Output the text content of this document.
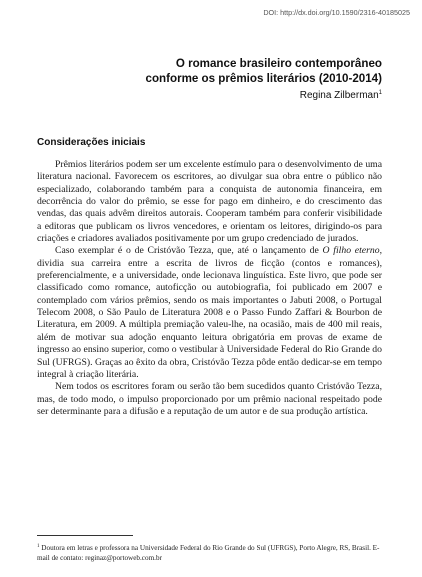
DOI: http://dx.doi.org/10.1590/2316-40185025
O romance brasileiro contemporâneo
conforme os prêmios literários (2010-2014)
Regina Zilberman$^1$
Considerações iniciais

Prêmios literários podem ser um excelente estímulo para o desenvolvimento de uma literatura nacional. Favorecem os escritores, ao divulgar sua obra entre o público não especializado, colaborando também para a conquista de autonomia financeira, em decorrência do valor do prêmio, se esse for pago em dinheiro, e do crescimento das vendas, das quais advêm direitos autorais. Cooperam também para conferir visibilidade a editoras que publicam os livros vencedores, e orientam os leitores, dirigindo-os para criações e criadores avaliados positivamente por um grupo credenciado de jurados.

Caso exemplar é o de Cristóvão Tezza, que, até o lançamento de O filho eterno, dividia sua carreira entre a escrita de livros de ficção (contos e romances), preferencialmente, e a universidade, onde lecionava linguística. Este livro, que pode ser classificado como romance, autoficção ou autobiografia, foi publicado em 2007 e contemplado com vários prêmios, sendo os mais importantes o Jabuti 2008, o Portugal Telecom 2008, o São Paulo de Literatura 2008 e o Passo Fundo Zaffari & Bourbon de Literatura, em 2009. A múltipla premiação valeu-lhe, na ocasião, mais de 400 mil reais, além de motivar sua adoção enquanto leitura obrigatória em provas de exame de ingresso ao ensino superior, como o vestibular à Universidade Federal do Rio Grande do Sul (UFRGS). Graças ao êxito da obra, Cristóvão Tezza pôde então dedicar-se em tempo integral à criação literária.

Nem todos os escritores foram ou serão tão bem sucedidos quanto Cristóvão Tezza, mas, de todo modo, o impulso proporcionado por um prêmio nacional respeitado pode ser determinante para a difusão e a reputação de um autor e de sua produção artística.

$^1$ Doutora em letras e professora na Universidade Federal do Rio Grande do Sul (UFRGS), Porto Alegre, RS, Brasil. E-mail de contato: reginaz@portoweb.com.br
